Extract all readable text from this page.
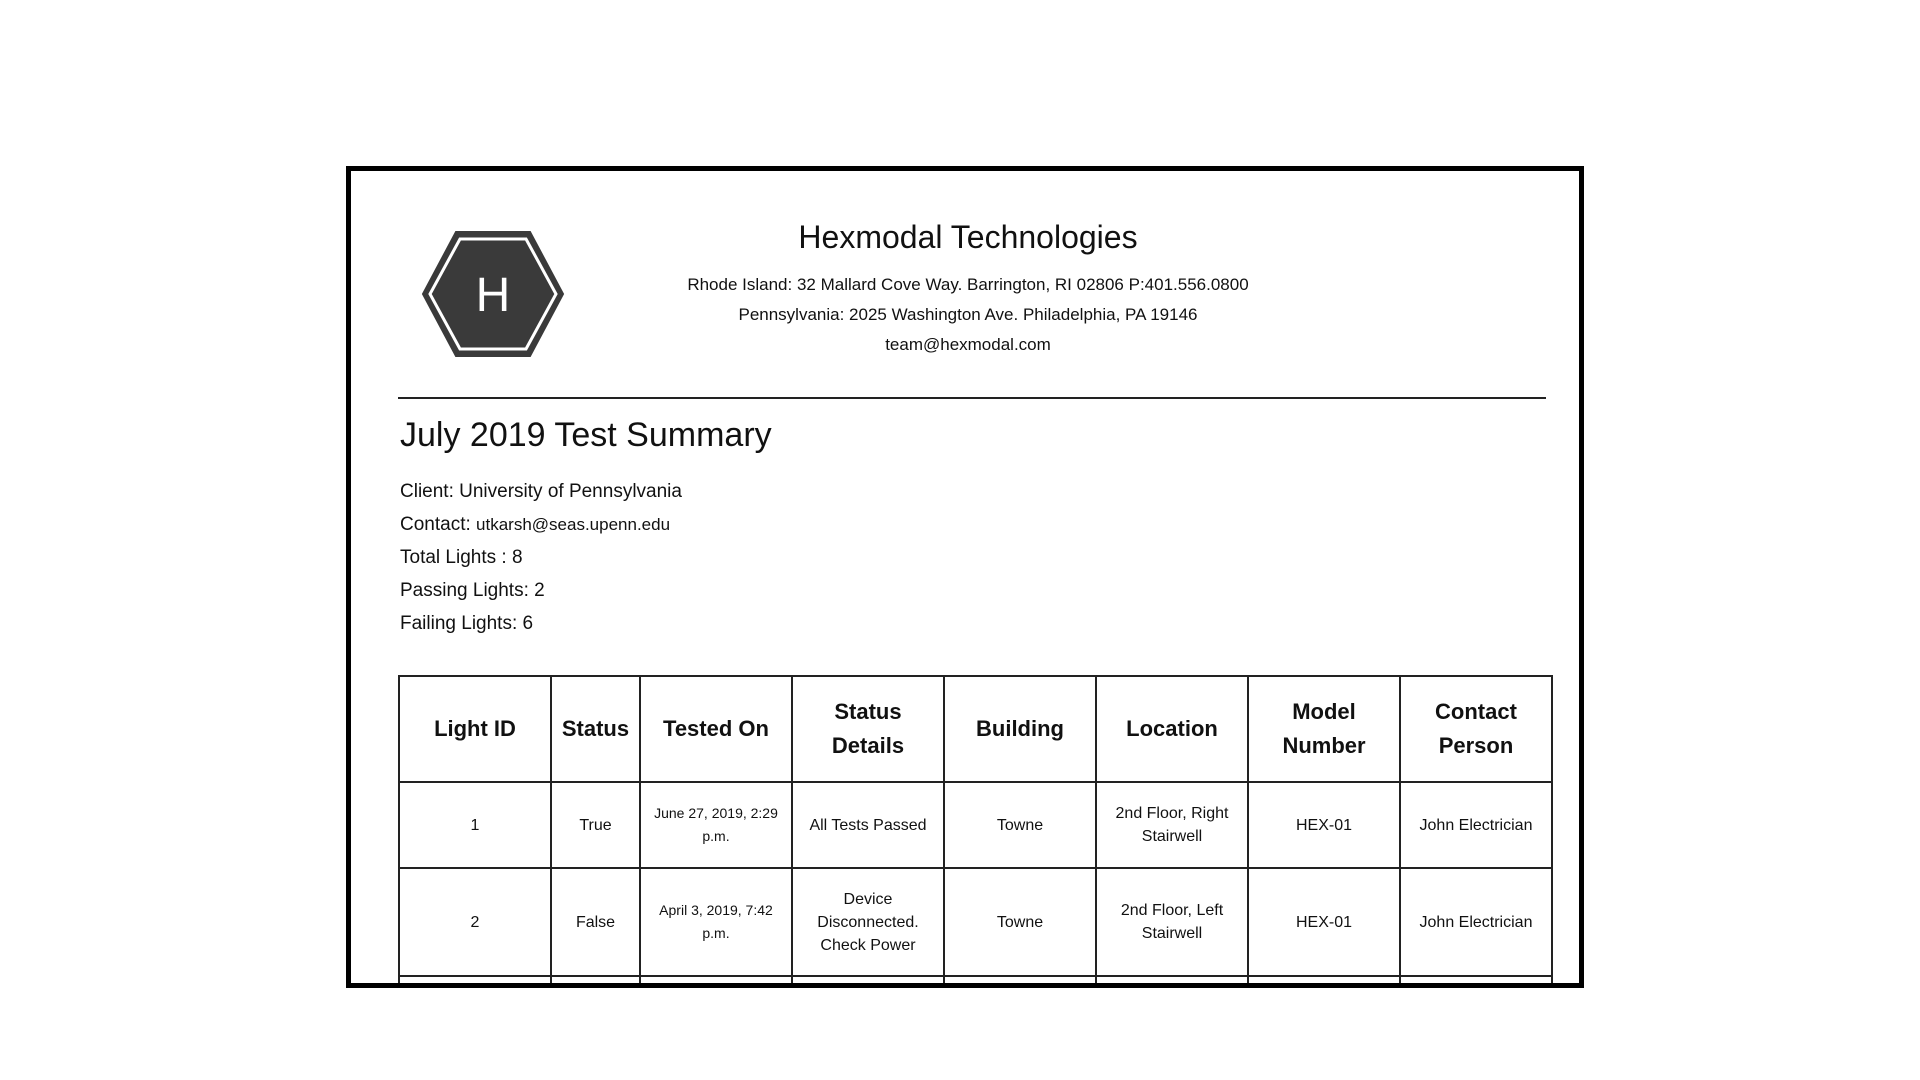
Automated Monthly Reports
H
Hexmodal Technologies
Rhode Island: 32 Mallard Cove Way. Barrington, RI 02806 P:401.556.0800
Pennsylvania: 2025 Washington Ave. Philadelphia, PA 19146
team@hexmodal.com
July 2019 Test Summary
Client: University of Pennsylvania
Contact: utkarsh@seas.upenn.edu
Total Lights : 8
Passing Lights: 2
Failing Lights: 6
Light ID	Status	Tested On	Status Details	Building	Location	Model Number	Contact Person
1	True	June 27, 2019, 2:29 p.m.	All Tests Passed	Towne	2nd Floor, Right Stairwell	HEX-01	John Electrician
2	False	April 3, 2019, 7:42 p.m.	Device Disconnected. Check Power	Towne	2nd Floor, Left Stairwell	HEX-01	John Electrician
